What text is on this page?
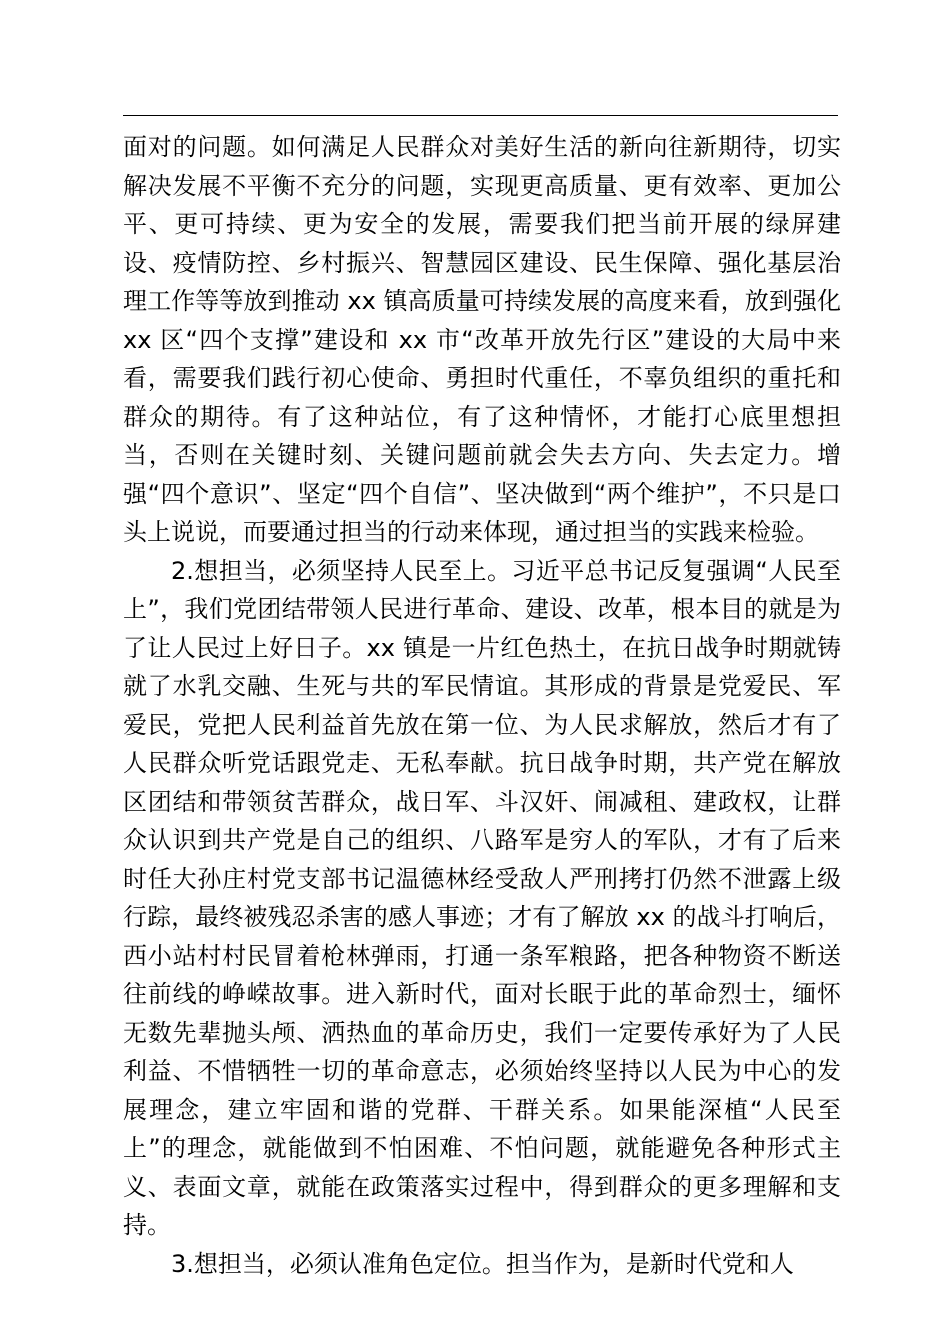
面对的问题。如何满足人民群众对美好生活的新向往新期待，切实解决发展不平衡不充分的问题，实现更高质量、更有效率、更加公平、更可持续、更为安全的发展，需要我们把当前开展的绿屏建设、疫情防控、乡村振兴、智慧园区建设、民生保障、强化基层治理工作等等放到推动 xx 镇高质量可持续发展的高度来看，放到强化 xx 区“四个支撑”建设和 xx 市“改革开放先行区”建设的大局中来看，需要我们践行初心使命、勇担时代重任，不辜负组织的重托和群众的期待。有了这种站位，有了这种情怀，才能打心底里想担当，否则在关键时刻、关键问题前就会失去方向、失去定力。增强“四个意识”、坚定“四个自信”、坚决做到“两个维护”，不只是口头上说说，而要通过担当的行动来体现，通过担当的实践来检验。

2.想担当，必须坚持人民至上。习近平总书记反复强调“人民至上”，我们党团结带领人民进行革命、建设、改革，根本目的就是为了让人民过上好日子。xx 镇是一片红色热土，在抗日战争时期就铸就了水乳交融、生死与共的军民情谊。其形成的背景是党爱民、军爱民，党把人民利益首先放在第一位、为人民求解放，然后才有了人民群众听党话跟党走、无私奉献。抗日战争时期，共产党在解放区团结和带领贫苦群众，战日军、斗汉奸、闹减租、建政权，让群众认识到共产党是自己的组织、八路军是穷人的军队，才有了后来时任大孙庄村党支部书记温德林经受敌人严刑拷打仍然不泄露上级行踪，最终被残忍杀害的感人事迹；才有了解放 xx 的战斗打响后，西小站村村民冒着枪林弹雨，打通一条军粮路，把各种物资不断送往前线的峥嵘故事。进入新时代，面对长眠于此的革命烈士，缅怀无数先辈抛头颅、洒热血的革命历史，我们一定要传承好为了人民利益、不惜牺牲一切的革命意志，必须始终坚持以人民为中心的发展理念，建立牢固和谐的党群、干群关系。如果能深植“人民至上”的理念，就能做到不怕困难、不怕问题，就能避免各种形式主义、表面文章，就能在政策落实过程中，得到群众的更多理解和支持。

3.想担当，必须认准角色定位。担当作为，是新时代党和人
